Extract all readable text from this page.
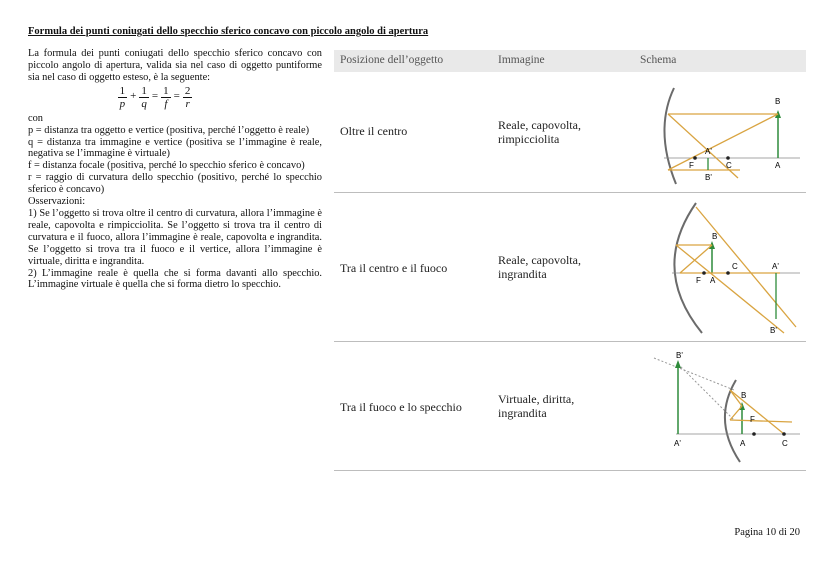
Formula dei punti coniugati dello specchio sferico concavo con piccolo angolo di apertura

La formula dei punti coniugati dello specchio sferico concavo con piccolo angolo di apertura, valida sia nel caso di oggetto puntiforme sia nel caso di oggetto esteso, è la seguente:

$\frac{1}{p} + \frac{1}{q} = \frac{1}{f} = \frac{2}{r}$

con

p = distanza tra oggetto e vertice (positiva, perché l’oggetto è reale)

q = distanza tra immagine e vertice (positiva se l’immagine è reale, negativa se l’immagine è virtuale)

f = distanza focale (positiva, perché lo specchio sferico è concavo)

r = raggio di curvatura dello specchio (positivo, perché lo specchio sferico è concavo)

Osservazioni:

1) Se l’oggetto si trova oltre il centro di curvatura, allora l’immagine è reale, capovolta e rimpicciolita. Se l’oggetto si trova tra il centro di curvatura e il fuoco, allora l’immagine è reale, capovolta e ingrandita. Se l’oggetto si trova tra il fuoco e il vertice, allora l’immagine è virtuale, diritta e ingrandita.

2) L’immagine reale è quella che si forma davanti allo specchio. L’immagine virtuale è quella che si forma dietro lo specchio.

Posizione dell’oggetto	Immagine	Schema
Oltre il centro	Reale, capovolta,
rimpicciolita
B
A'
F	C	A
B'
Tra il centro e il fuoco
Reale, capovolta,
ingrandita
B
C	A'
F A
B'
Tra il fuoco e lo specchio
Virtuale, diritta,
ingrandita
B'
B
F
A'	A	C
Pagina 10 di 20
